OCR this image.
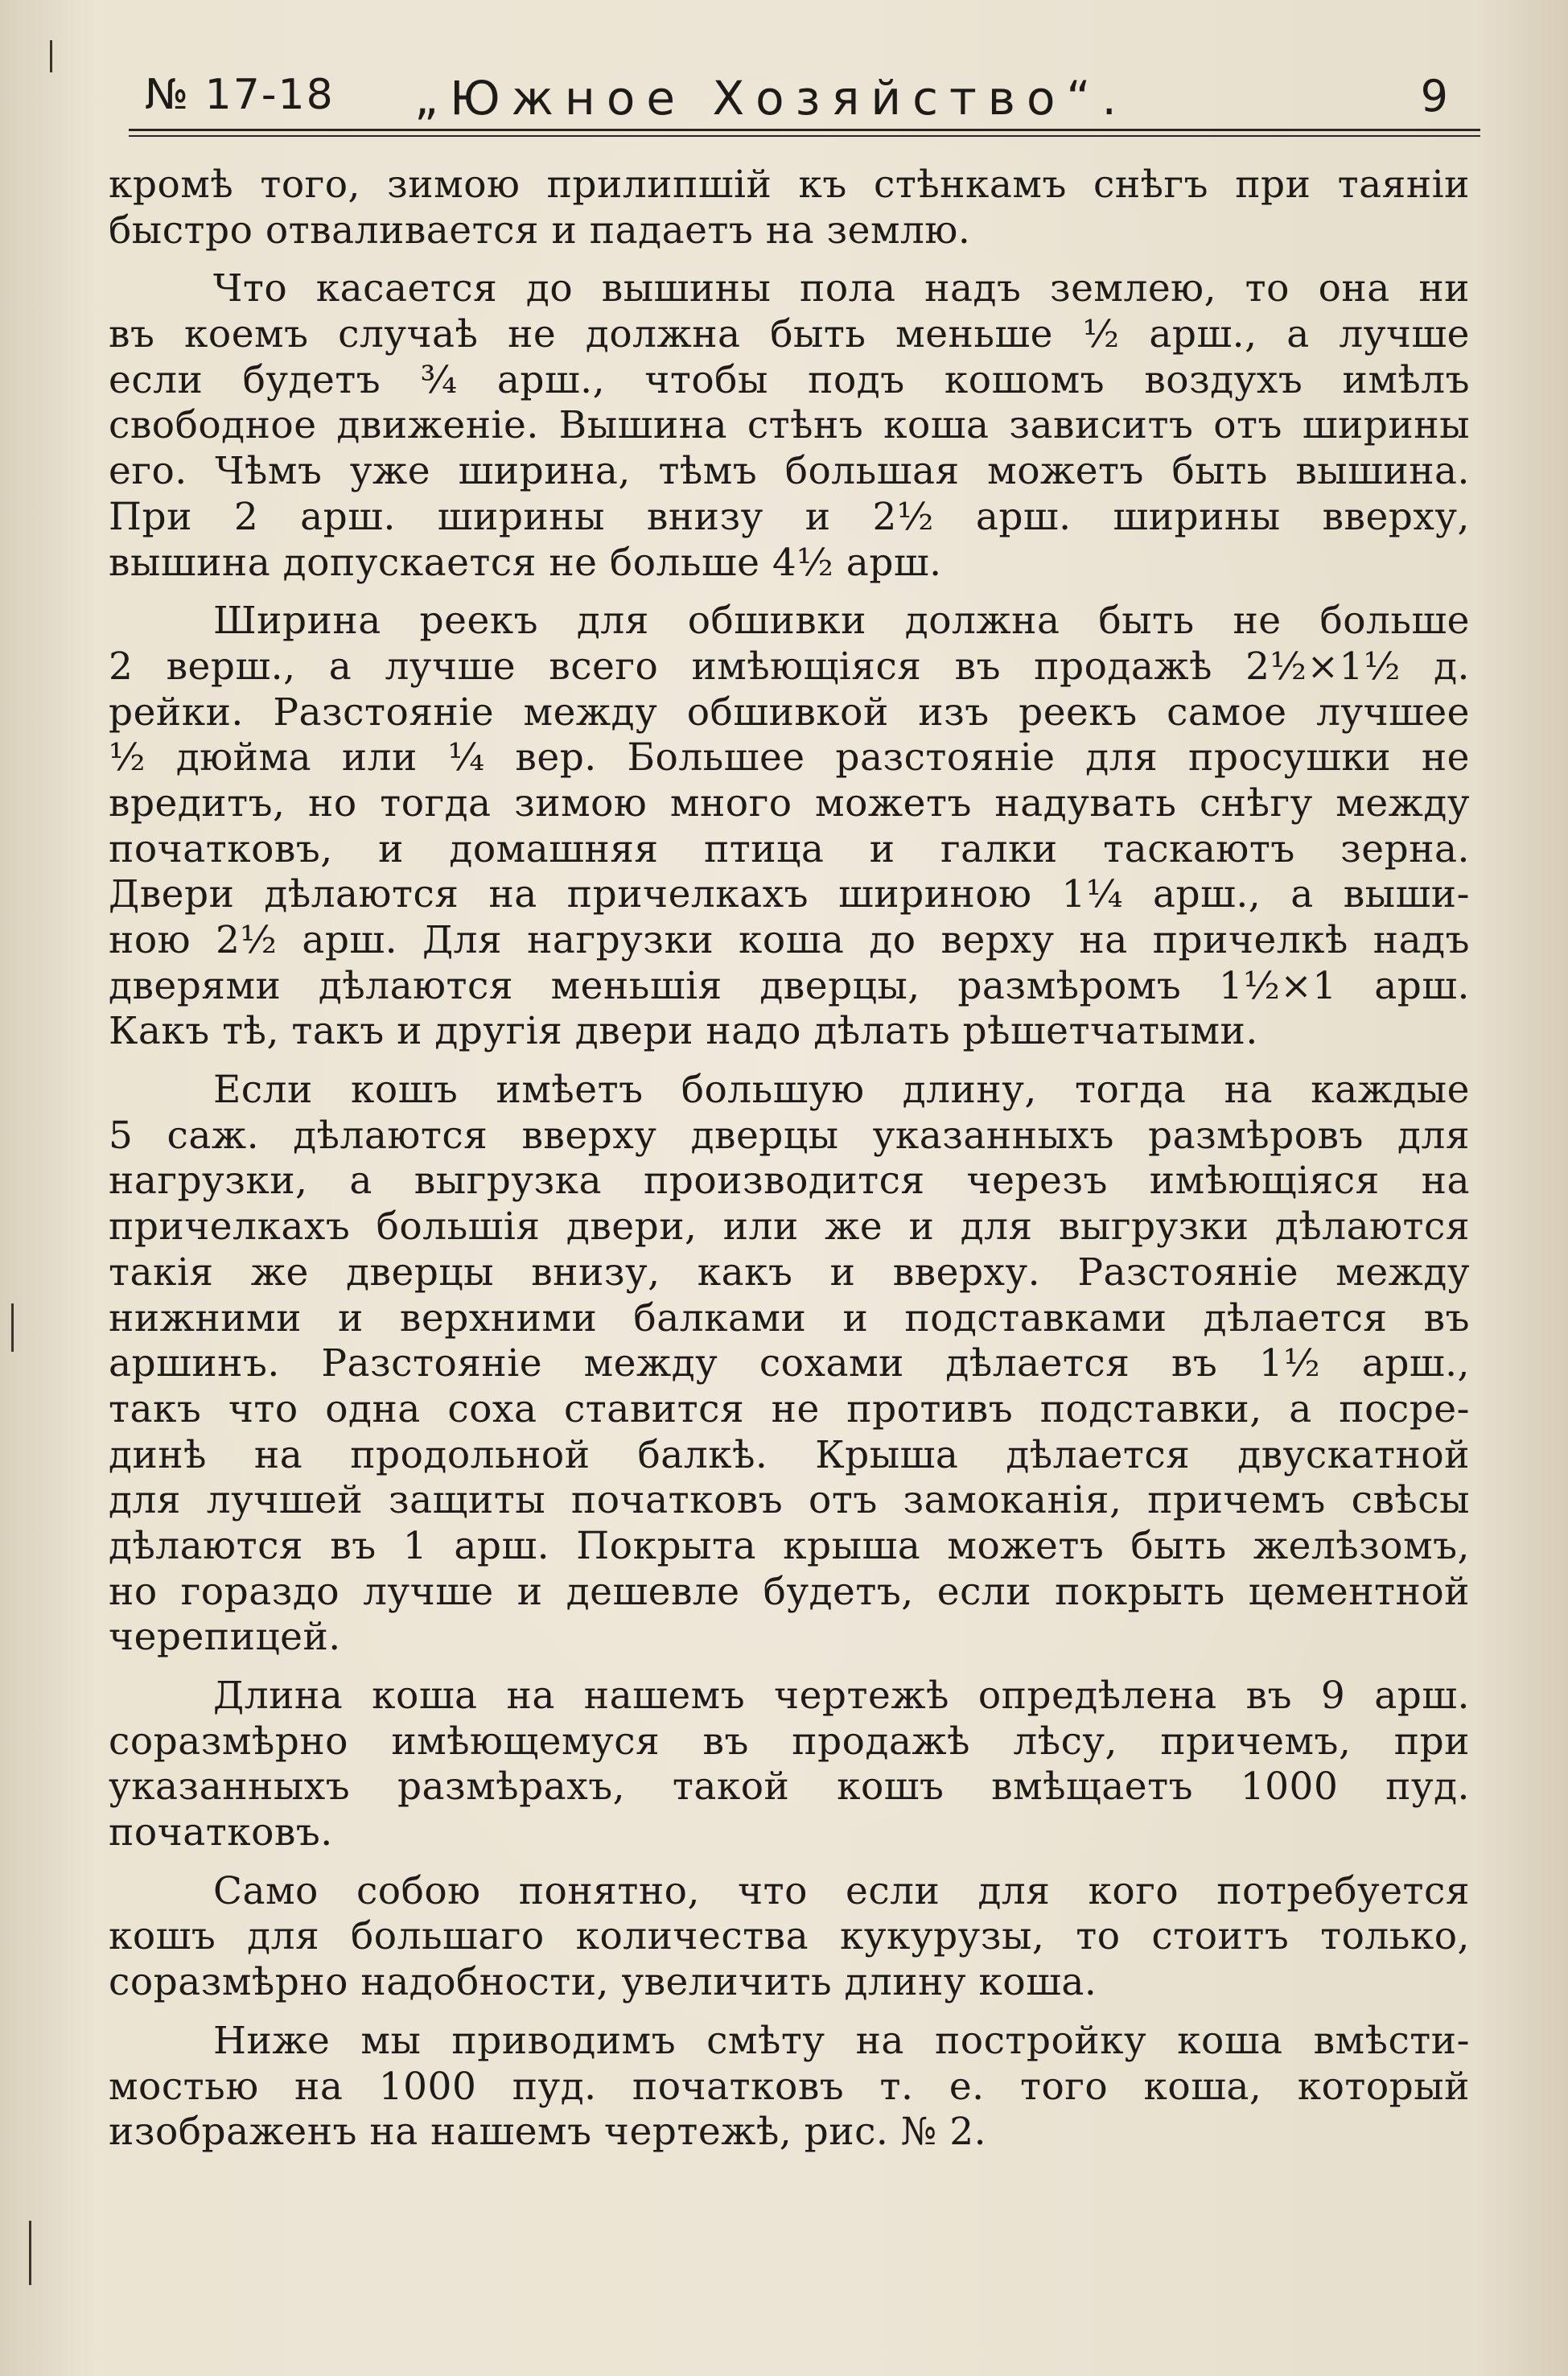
№ 17-18 „Южное Хозяйство“.	9
кромѣ того, зимою прилипшій къ стѣнкамъ снѣгъ при таяніи
быстро отваливается и падаетъ на землю.
Что касается до вышины пола надъ землею, то она ни
въ коемъ случаѣ не должна быть меньше ½ арш., а лучше
если будетъ ¾ арш., чтобы подъ кошомъ воздухъ имѣлъ
свободное движеніе. Вышина стѣнъ коша зависитъ отъ ширины
его. Чѣмъ уже ширина, тѣмъ большая можетъ быть вышина.
При 2 арш. ширины внизу и 2½ арш. ширины вверху,
вышина допускается не больше 4½ арш.
Ширина реекъ для обшивки должна быть не больше
2 верш., а лучше всего имѣющіяся въ продажѣ 2½×1½ д.
рейки. Разстояніе между обшивкой изъ реекъ самое лучшее
½ дюйма или ¼ вер. Большее разстояніе для просушки не
вредитъ, но тогда зимою много можетъ надувать снѣгу между
початковъ, и домашняя птица и галки таскаютъ зерна.
Двери дѣлаются на причелкахъ шириною 1¼ арш., а выши-
ною 2½ арш. Для нагрузки коша до верху на причелкѣ надъ
дверями дѣлаются меньшія дверцы, размѣромъ 1½×1 арш.
Какъ тѣ, такъ и другія двери надо дѣлать рѣшетчатыми.
Если кошъ имѣетъ большую длину, тогда на каждые
5 саж. дѣлаются вверху дверцы указанныхъ размѣровъ для
нагрузки, а выгрузка производится черезъ имѣющіяся на
причелкахъ большія двери, или же и для выгрузки дѣлаются
такія же дверцы внизу, какъ и вверху. Разстояніе между
нижними и верхними балками и подставками дѣлается въ
аршинъ. Разстояніе между сохами дѣлается въ 1½ арш.,
такъ что одна соха ставится не противъ подставки, а посре-
динѣ на продольной балкѣ. Крыша дѣлается двускатной
для лучшей защиты початковъ отъ замоканія, причемъ свѣсы
дѣлаются въ 1 арш. Покрыта крыша можетъ быть желѣзомъ,
но гораздо лучше и дешевле будетъ, если покрыть цементной
черепицей.
Длина коша на нашемъ чертежѣ опредѣлена въ 9 арш.
соразмѣрно имѣющемуся въ продажѣ лѣсу, причемъ, при
указанныхъ размѣрахъ, такой кошъ вмѣщаетъ 1000 пуд.
початковъ.
Само собою понятно, что если для кого потребуется
кошъ для большаго количества кукурузы, то стоитъ только,
соразмѣрно надобности, увеличить длину коша.
Ниже мы приводимъ смѣту на постройку коша вмѣсти-
мостью на 1000 пуд. початковъ т. е. того коша, который
изображенъ на нашемъ чертежѣ, рис. № 2.
